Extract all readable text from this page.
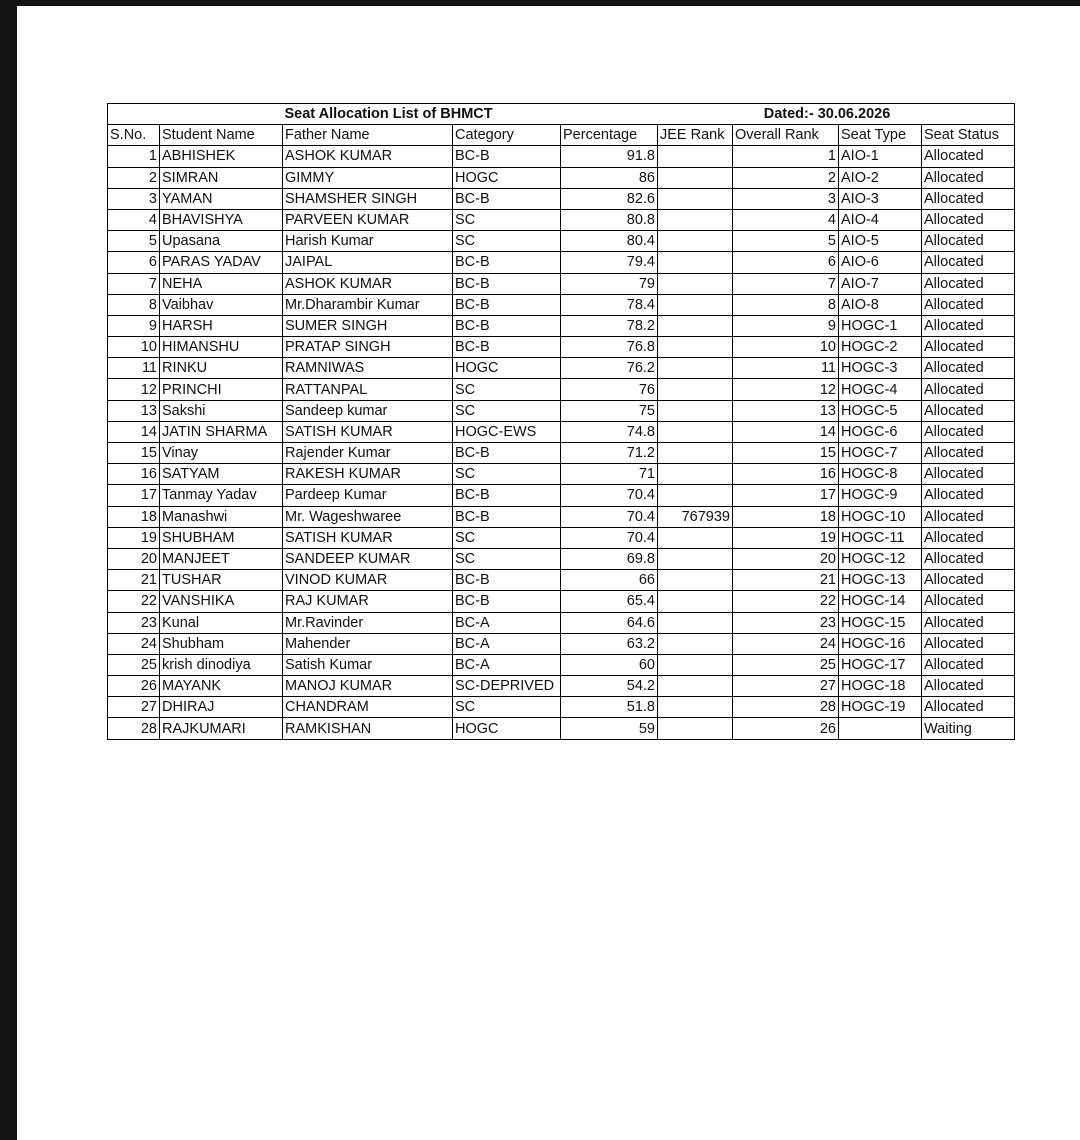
		Seat Allocation List of BHMCT				Dated:- 30.06.2026		
S.No.	Student Name	Father Name	Category	Percentage	JEE Rank	Overall Rank	Seat Type	Seat Status
1	ABHISHEK	ASHOK KUMAR	BC-B	91.8		1	AIO-1	Allocated
2	SIMRAN	GIMMY	HOGC	86		2	AIO-2	Allocated
3	YAMAN	SHAMSHER SINGH	BC-B	82.6		3	AIO-3	Allocated
4	BHAVISHYA	PARVEEN KUMAR	SC	80.8		4	AIO-4	Allocated
5	Upasana	Harish Kumar	SC	80.4		5	AIO-5	Allocated
6	PARAS YADAV	JAIPAL	BC-B	79.4		6	AIO-6	Allocated
7	NEHA	ASHOK KUMAR	BC-B	79		7	AIO-7	Allocated
8	Vaibhav	Mr.Dharambir Kumar	BC-B	78.4		8	AIO-8	Allocated
9	HARSH	SUMER SINGH	BC-B	78.2		9	HOGC-1	Allocated
10	HIMANSHU	PRATAP SINGH	BC-B	76.8		10	HOGC-2	Allocated
11	RINKU	RAMNIWAS	HOGC	76.2		11	HOGC-3	Allocated
12	PRINCHI	RATTANPAL	SC	76		12	HOGC-4	Allocated
13	Sakshi	Sandeep kumar	SC	75		13	HOGC-5	Allocated
14	JATIN SHARMA	SATISH KUMAR	HOGC-EWS	74.8		14	HOGC-6	Allocated
15	Vinay	Rajender Kumar	BC-B	71.2		15	HOGC-7	Allocated
16	SATYAM	RAKESH KUMAR	SC	71		16	HOGC-8	Allocated
17	Tanmay Yadav	Pardeep Kumar	BC-B	70.4		17	HOGC-9	Allocated
18	Manashwi	Mr. Wageshwaree	BC-B	70.4	767939	18	HOGC-10	Allocated
19	SHUBHAM	SATISH KUMAR	SC	70.4		19	HOGC-11	Allocated
20	MANJEET	SANDEEP KUMAR	SC	69.8		20	HOGC-12	Allocated
21	TUSHAR	VINOD KUMAR	BC-B	66		21	HOGC-13	Allocated
22	VANSHIKA	RAJ KUMAR	BC-B	65.4		22	HOGC-14	Allocated
23	Kunal	Mr.Ravinder	BC-A	64.6		23	HOGC-15	Allocated
24	Shubham	Mahender	BC-A	63.2		24	HOGC-16	Allocated
25	krish dinodiya	Satish Kumar	BC-A	60		25	HOGC-17	Allocated
26	MAYANK	MANOJ KUMAR	SC-DEPRIVED	54.2		27	HOGC-18	Allocated
27	DHIRAJ	CHANDRAM	SC	51.8		28	HOGC-19	Allocated
28	RAJKUMARI	RAMKISHAN	HOGC	59		26		Waiting
